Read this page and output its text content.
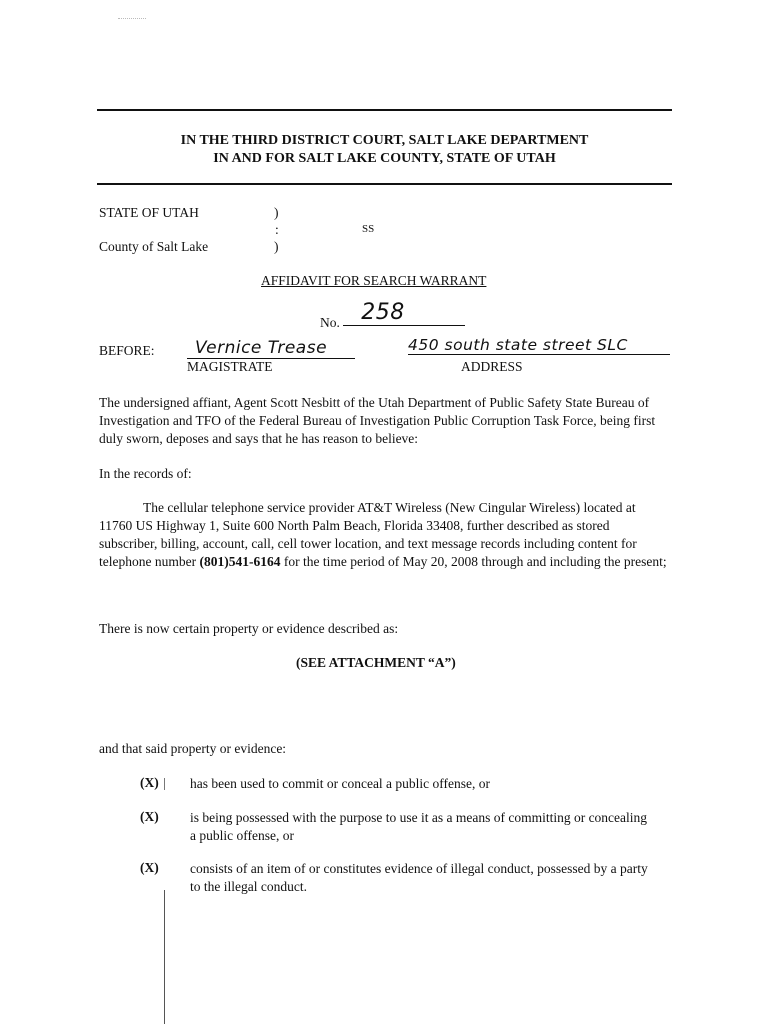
IN THE THIRD DISTRICT COURT, SALT LAKE DEPARTMENT
IN AND FOR SALT LAKE COUNTY, STATE OF UTAH
STATE OF UTAH	)
:	SS
County of Salt Lake	)
AFFIDAVIT FOR SEARCH WARRANT
No. 258
BEFORE:	Vernice Trease
MAGISTRATE
450 south state street SLC
ADDRESS
The undersigned affiant, Agent Scott Nesbitt of the Utah Department of Public Safety State Bureau of Investigation and TFO of the Federal Bureau of Investigation Public Corruption Task Force, being first duly sworn, deposes and says that he has reason to believe:
In the records of:
The cellular telephone service provider AT&T Wireless (New Cingular Wireless) located at 11760 US Highway 1, Suite 600 North Palm Beach, Florida 33408, further described as stored subscriber, billing, account, call, cell tower location, and text message records including content for telephone number (801)541-6164 for the time period of May 20, 2008 through and including the present;
There is now certain property or evidence described as:
(SEE ATTACHMENT “A”)
and that said property or evidence:
(X) has been used to commit or conceal a public offense, or
(X) is being possessed with the purpose to use it as a means of committing or concealing a public offense, or
(X) consists of an item of or constitutes evidence of illegal conduct, possessed by a party to the illegal conduct.
